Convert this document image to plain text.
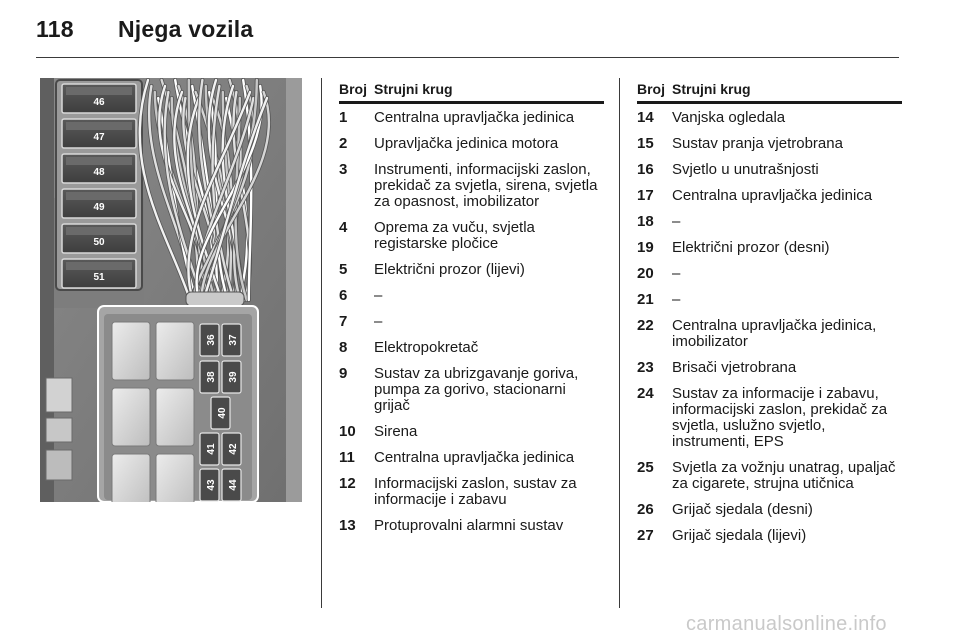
118 Njega vozila
46
47
48
49
50
51
36 37
38 39
40
41 42
43 44
Broj Strujni krug
1	Centralna upravljačka jedinica
2	Upravljačka jedinica motora
3	Instrumenti, informacijski zaslon, prekidač za svjetla, sirena, svjetla za opasnost, imobilizator
4	Oprema za vuču, svjetla registarske pločice
5	Električni prozor (lijevi)
6	–
7	–
8	Elektropokretač
9	Sustav za ubrizgavanje goriva, pumpa za gorivo, stacionarni grijač
10	Sirena
11	Centralna upravljačka jedinica
12	Informacijski zaslon, sustav za informacije i zabavu
13	Protuprovalni alarmni sustav
Broj Strujni krug
14	Vanjska ogledala
15	Sustav pranja vjetrobrana
16	Svjetlo u unutrašnjosti
17	Centralna upravljačka jedinica
18	–
19	Električni prozor (desni)
20	–
21	–
22	Centralna upravljačka jedinica, imobilizator
23	Brisači vjetrobrana
24	Sustav za informacije i zabavu, informacijski zaslon, prekidač za svjetla, uslužno svjetlo, instrumenti, EPS
25	Svjetla za vožnju unatrag, upaljač za cigarete, strujna utičnica
26	Grijač sjedala (desni)
27	Grijač sjedala (lijevi)
carmanualsonline.info
